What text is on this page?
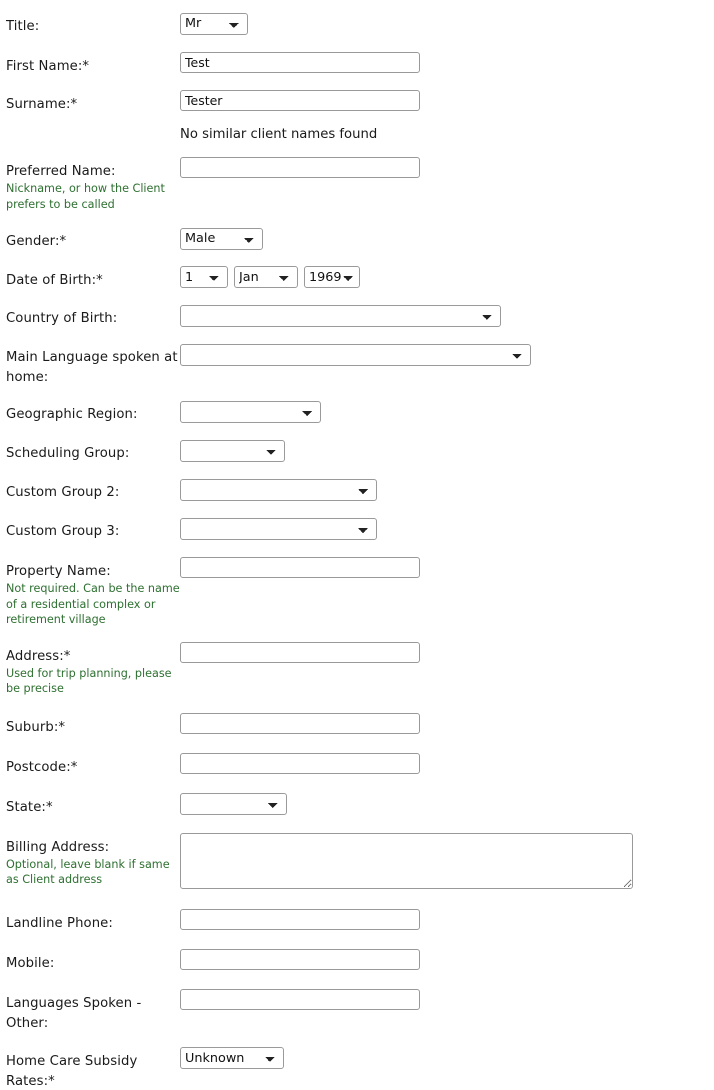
Title:
Mr
First Name:*
Test
Surname:*
Tester
No similar client names found
Preferred Name:
Nickname, or how the Client prefers to be called
Gender:*
Male
Date of Birth:*
1
Jan
1969
Country of Birth:
Main Language spoken at home:
Geographic Region:
Scheduling Group:
Custom Group 2:
Custom Group 3:
Property Name:
Not required. Can be the name of a residential complex or retirement village
Address:*
Used for trip planning, please be precise
Suburb:*
Postcode:*
State:*
Billing Address:
Optional, leave blank if same as Client address
Landline Phone:
Mobile:
Languages Spoken - Other:
Home Care Subsidy Rates:*
Unknown
